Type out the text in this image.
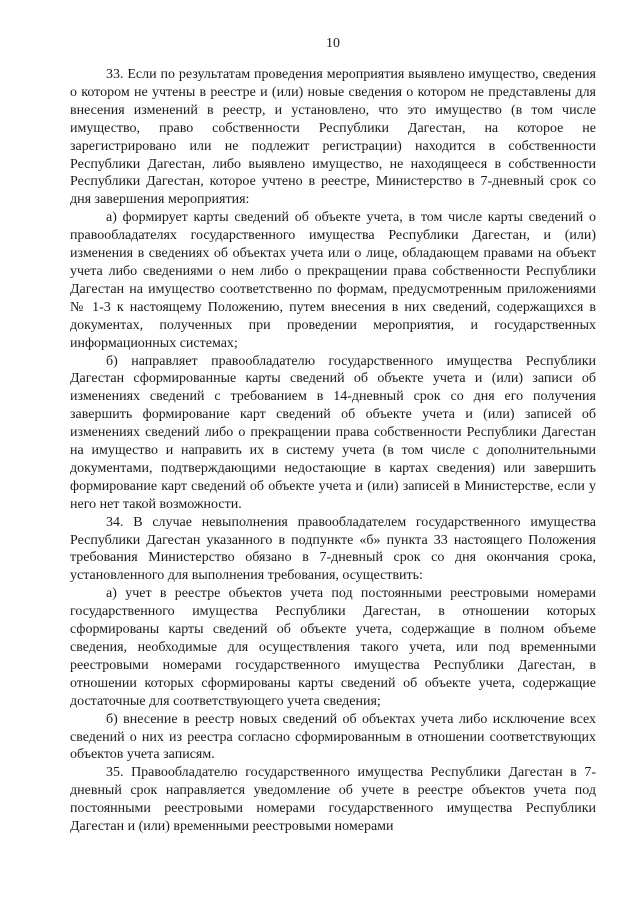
10

33. Если по результатам проведения мероприятия выявлено имущество, сведения о котором не учтены в реестре и (или) новые сведения о котором не представлены для внесения изменений в реестр, и установлено, что это имущество (в том числе имущество, право собственности Республики Дагестан, на которое не зарегистрировано или не подлежит регистрации) находится в собственности Республики Дагестан, либо выявлено имущество, не находящееся в собственности Республики Дагестан, которое учтено в реестре, Министерство в 7-дневный срок со дня завершения мероприятия:

а) формирует карты сведений об объекте учета, в том числе карты сведений о правообладателях государственного имущества Республики Дагестан, и (или) изменения в сведениях об объектах учета или о лице, обладающем правами на объект учета либо сведениями о нем либо о прекращении права собственности Республики Дагестан на имущество соответственно по формам, предусмотренным приложениями № 1-3 к настоящему Положению, путем внесения в них сведений, содержащихся в документах, полученных при проведении мероприятия, и государственных информационных системах;

б) направляет правообладателю государственного имущества Республики Дагестан сформированные карты сведений об объекте учета и (или) записи об изменениях сведений с требованием в 14-дневный срок со дня его получения завершить формирование карт сведений об объекте учета и (или) записей об изменениях сведений либо о прекращении права собственности Республики Дагестан на имущество и направить их в систему учета (в том числе с дополнительными документами, подтверждающими недостающие в картах сведения) или завершить формирование карт сведений об объекте учета и (или) записей в Министерстве, если у него нет такой возможности.

34. В случае невыполнения правообладателем государственного имущества Республики Дагестан указанного в подпункте «б» пункта 33 настоящего Положения требования Министерство обязано в 7-дневный срок со дня окончания срока, установленного для выполнения требования, осуществить:

а) учет в реестре объектов учета под постоянными реестровыми номерами государственного имущества Республики Дагестан, в отношении которых сформированы карты сведений об объекте учета, содержащие в полном объеме сведения, необходимые для осуществления такого учета, или под временными реестровыми номерами государственного имущества Республики Дагестан, в отношении которых сформированы карты сведений об объекте учета, содержащие достаточные для соответствующего учета сведения;

б) внесение в реестр новых сведений об объектах учета либо исключение всех сведений о них из реестра согласно сформированным в отношении соответствующих объектов учета записям.

35. Правообладателю государственного имущества Республики Дагестан в 7-дневный срок направляется уведомление об учете в реестре объектов учета под постоянными реестровыми номерами государственного имущества Республики Дагестан и (или) временными реестровыми номерами
